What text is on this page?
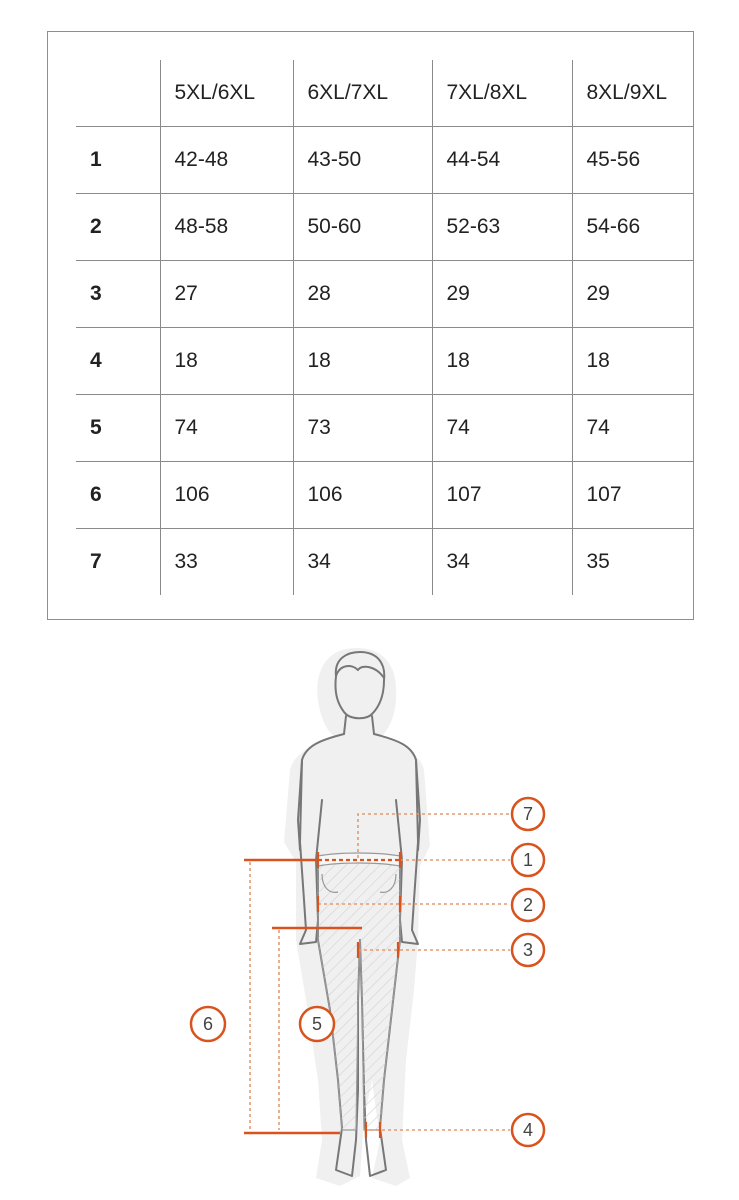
	5XL/6XL	6XL/7XL	7XL/8XL	8XL/9XL
1	42-48	43-50	44-54	45-56
2	48-58	50-60	52-63	54-66
3	27	28	29	29
4	18	18	18	18
5	74	73	74	74
6	106	106	107	107
7	33	34	34	35
7
1
2
3
6	5
4
